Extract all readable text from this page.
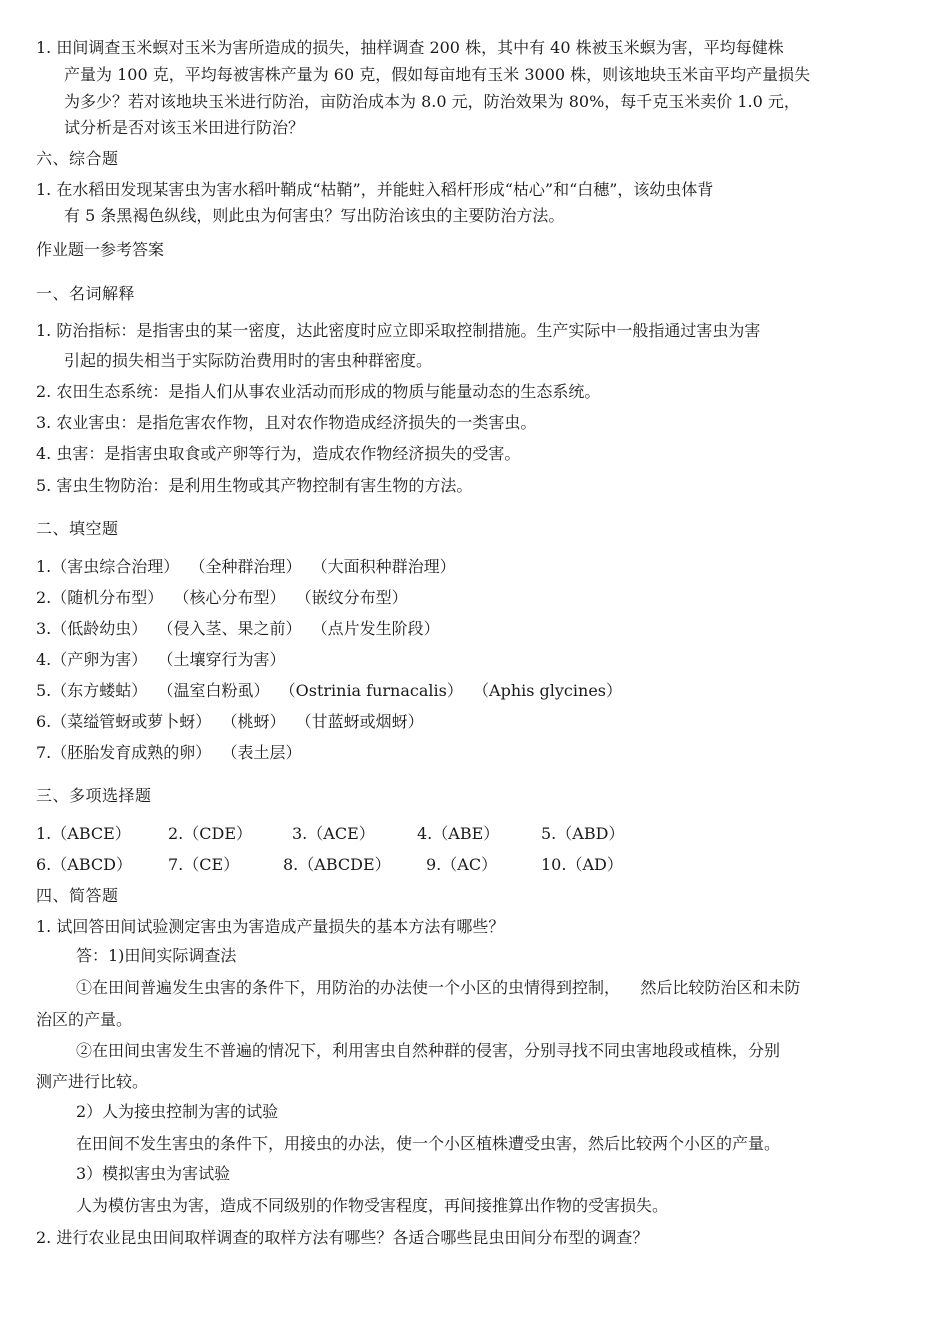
1. 田间调查玉米螟对玉米为害所造成的损失，抽样调查 200 株，其中有 40 株被玉米螟为害，平均每健株
产量为 100 克，平均每被害株产量为 60 克，假如每亩地有玉米 3000 株，则该地块玉米亩平均产量损失
为多少？若对该地块玉米进行防治，亩防治成本为 8.0 元，防治效果为 80%，每千克玉米卖价 1.0 元，
试分析是否对该玉米田进行防治？
六、综合题
1. 在水稻田发现某害虫为害水稻叶鞘成“枯鞘”，并能蛀入稻杆形成“枯心”和“白穗”，该幼虫体背
有 5 条黑褐色纵线，则此虫为何害虫？写出防治该虫的主要防治方法。
作业题一参考答案
一、名词解释
1. 防治指标：是指害虫的某一密度，达此密度时应立即采取控制措施。生产实际中一般指通过害虫为害
引起的损失相当于实际防治费用时的害虫种群密度。
2. 农田生态系统：是指人们从事农业活动而形成的物质与能量动态的生态系统。
3. 农业害虫：是指危害农作物，且对农作物造成经济损失的一类害虫。
4. 虫害：是指害虫取食或产卵等行为，造成农作物经济损失的受害。
5. 害虫生物防治：是利用生物或其产物控制有害生物的方法。
二、填空题
1.（害虫综合治理）  （全种群治理）  （大面积种群治理）
2.（随机分布型）  （核心分布型）  （嵌纹分布型）
3.（低龄幼虫）  （侵入茎、果之前）  （点片发生阶段）
4.（产卵为害）  （土壤穿行为害）
5.（东方蝼蛄）  （温室白粉虱）  （Ostrinia furnacalis）  （Aphis glycines）
6.（菜缢管蚜或萝卜蚜）  （桃蚜）  （甘蓝蚜或烟蚜）
7.（胚胎发育成熟的卵）  （表土层）
三、多项选择题
1.（ABCE） 2.（CDE） 3.（ACE）	4.（ABE）	5.（ABD）
6.（ABCD） 7.（CE）	8.（ABCDE） 9.（AC）	10.（AD）
四、简答题
1. 试回答田间试验测定害虫为害造成产量损失的基本方法有哪些？
答：1)田间实际调查法
①在田间普遍发生虫害的条件下，用防治的办法使一个小区的虫情得到控制，    然后比较防治区和未防
治区的产量。
②在田间虫害发生不普遍的情况下，利用害虫自然种群的侵害，分别寻找不同虫害地段或植株，分别
测产进行比较。
2）人为接虫控制为害的试验
在田间不发生害虫的条件下，用接虫的办法，使一个小区植株遭受虫害，然后比较两个小区的产量。
3）模拟害虫为害试验
人为模仿害虫为害，造成不同级别的作物受害程度，再间接推算出作物的受害损失。
2. 进行农业昆虫田间取样调查的取样方法有哪些？各适合哪些昆虫田间分布型的调查？
